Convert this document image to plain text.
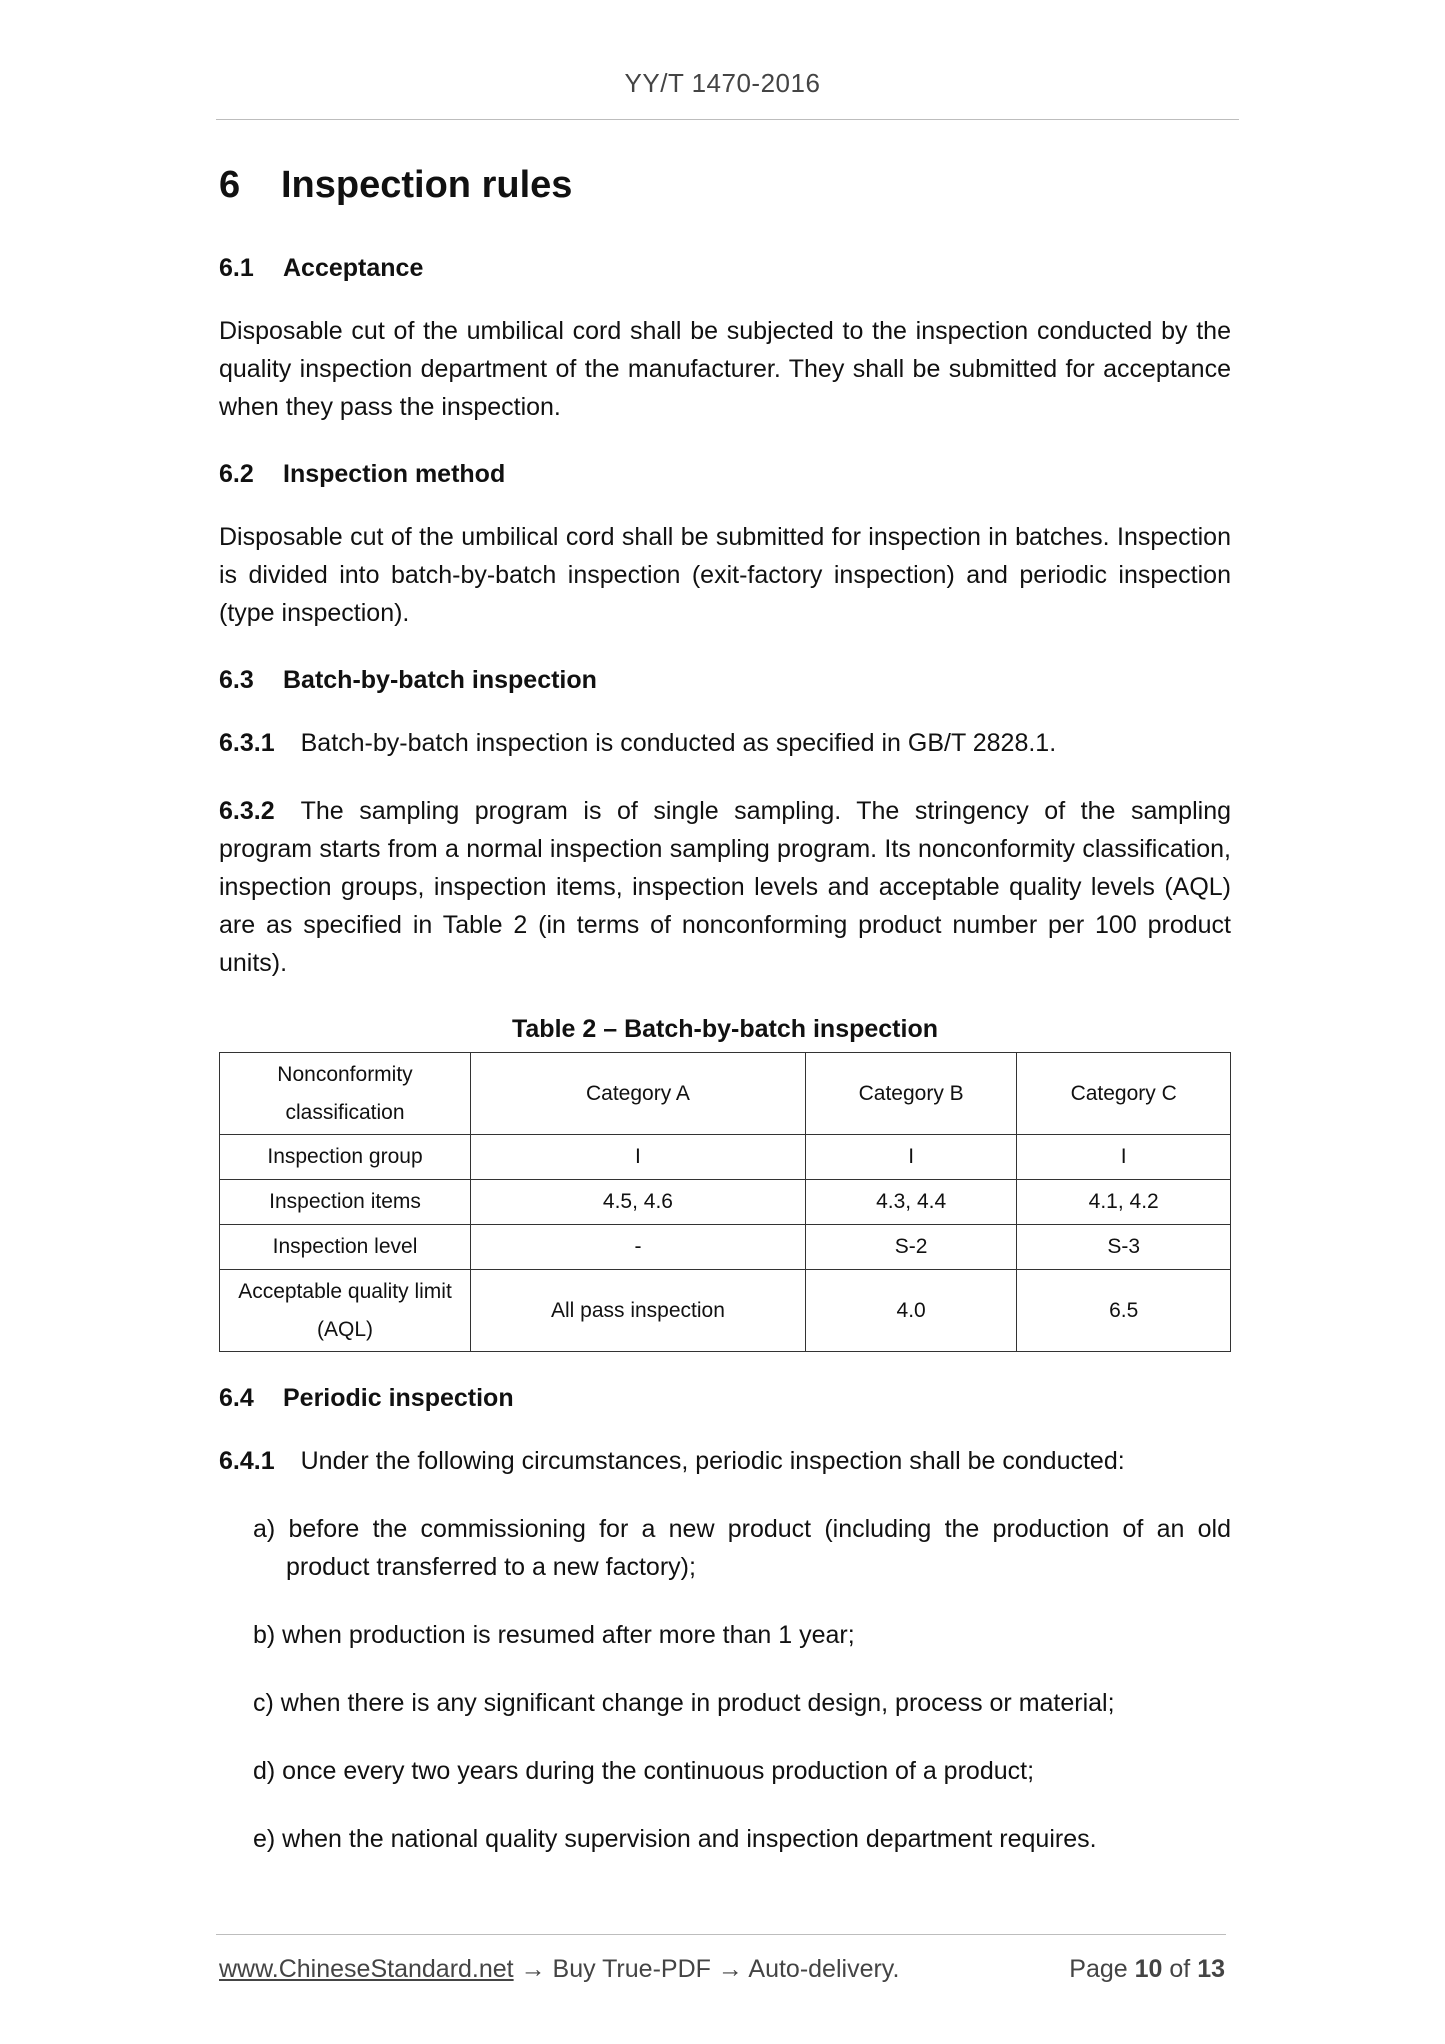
YY/T 1470-2016
6 Inspection rules
6.1 Acceptance

Disposable cut of the umbilical cord shall be subjected to the inspection conducted by the quality inspection department of the manufacturer. They shall be submitted for acceptance when they pass the inspection.

6.2 Inspection method

Disposable cut of the umbilical cord shall be submitted for inspection in batches. Inspection is divided into batch-by-batch inspection (exit-factory inspection) and periodic inspection (type inspection).

6.3 Batch-by-batch inspection

6.3.1 Batch-by-batch inspection is conducted as specified in GB/T 2828.1.

6.3.2 The sampling program is of single sampling. The stringency of the sampling program starts from a normal inspection sampling program. Its nonconformity classification, inspection groups, inspection items, inspection levels and acceptable quality levels (AQL) are as specified in Table 2 (in terms of nonconforming product number per 100 product units).

Table 2 – Batch-by-batch inspection
Nonconformity classification	Category A	Category B	Category C
Inspection group	I	I	I
Inspection items	4.5, 4.6	4.3, 4.4	4.1, 4.2
Inspection level	-	S-2	S-3
Acceptable quality limit (AQL)	All pass inspection	4.0	6.5
6.4 Periodic inspection

6.4.1 Under the following circumstances, periodic inspection shall be conducted:

a) before the commissioning for a new product (including the production of an old product transferred to a new factory);
b) when production is resumed after more than 1 year;
c) when there is any significant change in product design, process or material;
d) once every two years during the continuous production of a product;
e) when the national quality supervision and inspection department requires.
www.ChineseStandard.net → Buy True-PDF → Auto-delivery.	Page 10 of 13
